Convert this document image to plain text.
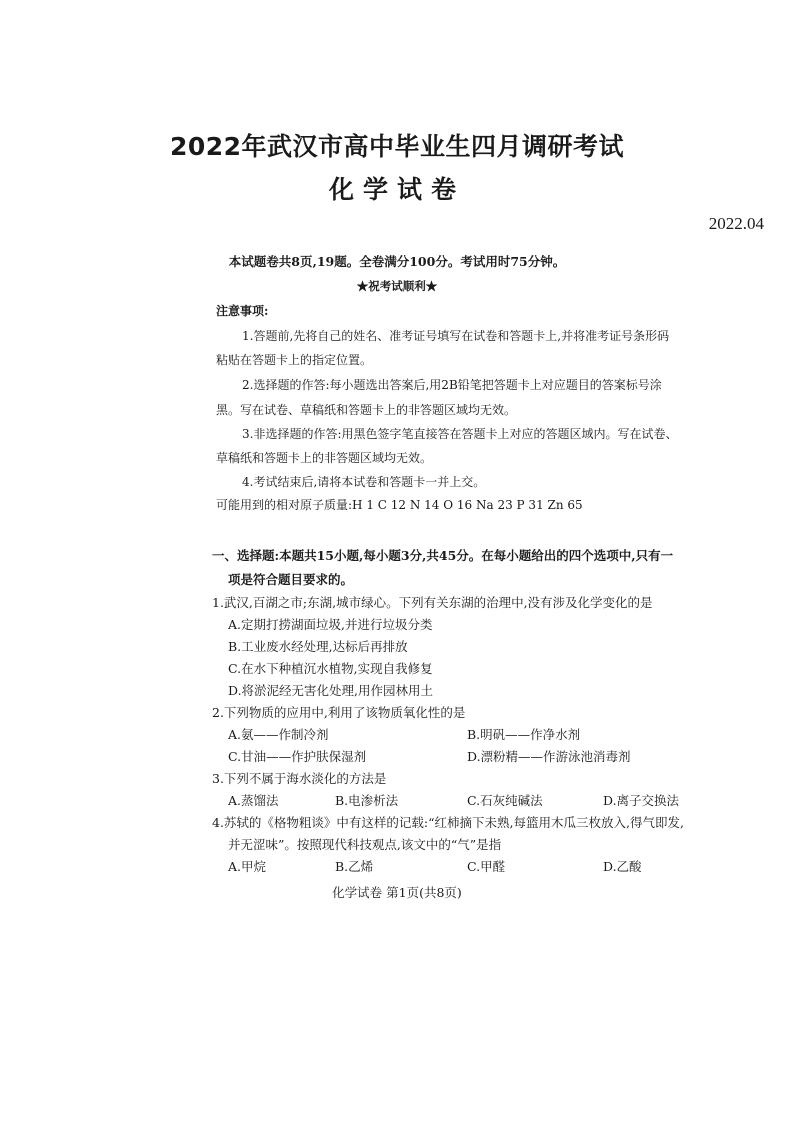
2022年武汉市高中毕业生四月调研考试
化学试卷
2022.04
本试题卷共8页,19题。全卷满分100分。考试用时75分钟。
★祝考试顺利★
注意事项:
1.答题前,先将自己的姓名、准考证号填写在试卷和答题卡上,并将准考证号条形码
粘贴在答题卡上的指定位置。
2.选择题的作答:每小题选出答案后,用2B铅笔把答题卡上对应题目的答案标号涂
黑。写在试卷、草稿纸和答题卡上的非答题区域均无效。
3.非选择题的作答:用黑色签字笔直接答在答题卡上对应的答题区域内。写在试卷、
草稿纸和答题卡上的非答题区域均无效。
4.考试结束后,请将本试卷和答题卡一并上交。
可能用到的相对原子质量:H 1 C 12 N 14 O 16 Na 23 P 31 Zn 65
一、选择题:本题共15小题,每小题3分,共45分。在每小题给出的四个选项中,只有一
项是符合题目要求的。
1.武汉,百湖之市;东湖,城市绿心。下列有关东湖的治理中,没有涉及化学变化的是
A.定期打捞湖面垃圾,并进行垃圾分类
B.工业废水经处理,达标后再排放
C.在水下种植沉水植物,实现自我修复
D.将淤泥经无害化处理,用作园林用土
2.下列物质的应用中,利用了该物质氧化性的是
A.氨——作制冷剂	B.明矾——作净水剂
C.甘油——作护肤保湿剂	D.漂粉精——作游泳池消毒剂
3.下列不属于海水淡化的方法是
A.蒸馏法	B.电渗析法	C.石灰纯碱法	D.离子交换法
4.苏轼的《格物粗谈》中有这样的记载:“红柿摘下未熟,每篮用木瓜三枚放入,得气即发,
并无涩味”。按照现代科技观点,该文中的“气”是指
A.甲烷	B.乙烯	C.甲醛	D.乙酸
化学试卷 第1页(共8页)
